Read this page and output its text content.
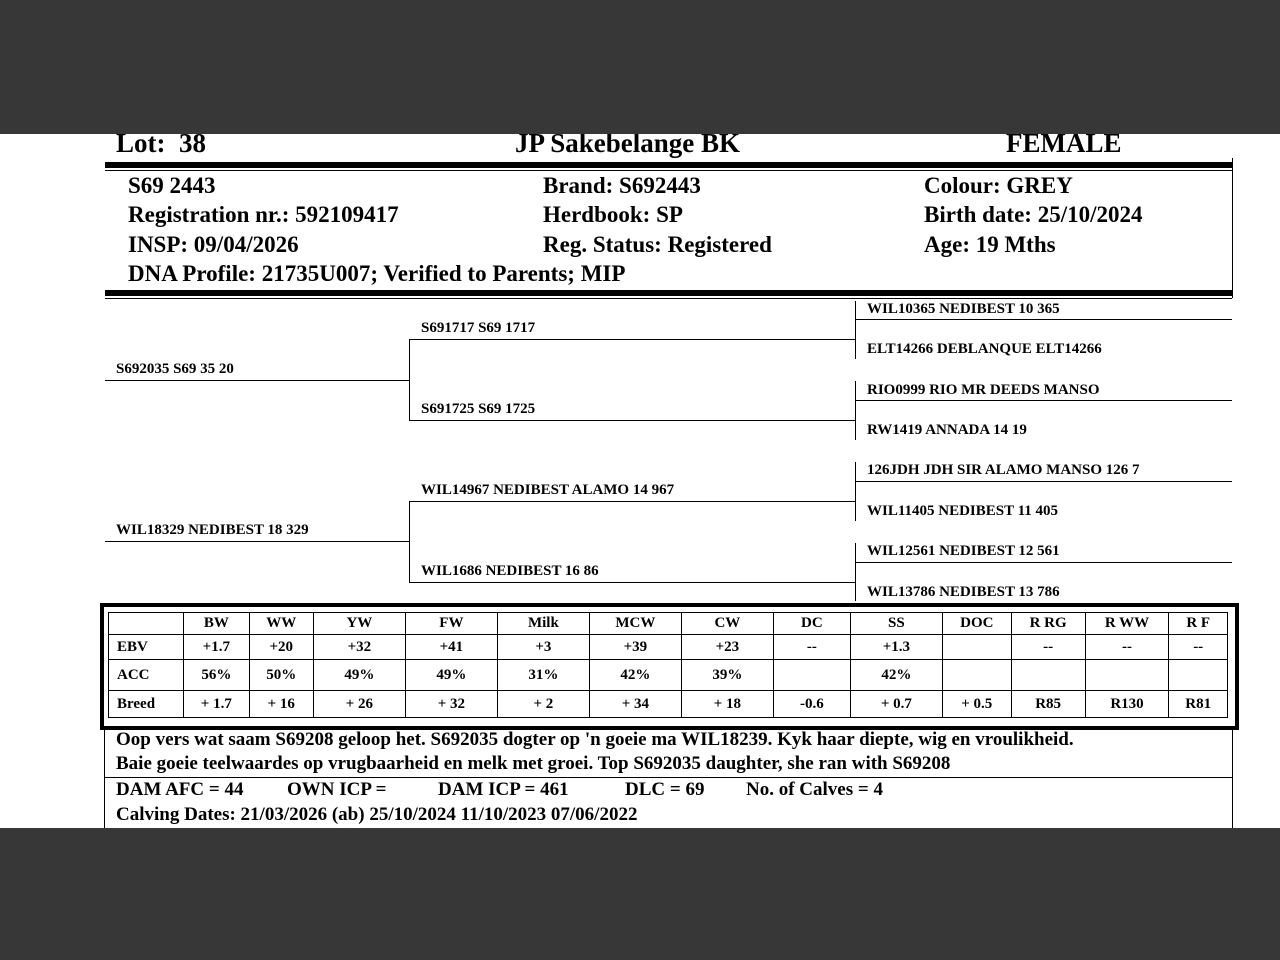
Lot: 38	JP Sakebelange BK	FEMALE
S69 2443	Brand: S692443	Colour: GREY
Registration nr.: 592109417	Herdbook: SP	Birth date: 25/10/2024
INSP: 09/04/2026	Reg. Status: Registered	Age: 19 Mths
DNA Profile: 21735U007; Verified to Parents; MIP
S692035 S69 35 20
WIL18329 NEDIBEST 18 329
S691717 S69 1717
S691725 S69 1725
WIL14967 NEDIBEST ALAMO 14 967
WIL1686 NEDIBEST 16 86
WIL10365 NEDIBEST 10 365
ELT14266 DEBLANQUE ELT14266
RIO0999 RIO MR DEEDS MANSO
RW1419 ANNADA 14 19
126JDH JDH SIR ALAMO MANSO 126 7
WIL11405 NEDIBEST 11 405
WIL12561 NEDIBEST 12 561
WIL13786 NEDIBEST 13 786
	BW	WW	YW	FW	Milk	MCW	CW	DC	SS	DOC	R RG	R WW	R F
EBV	+1.7	+20	+32	+41	+3	+39	+23	--	+1.3		--	--	--
ACC	56%	50%	49%	49%	31%	42%	39%		42%				
Breed	+ 1.7	+ 16	+ 26	+ 32	+ 2	+ 34	+ 18	-0.6	+ 0.7	+ 0.5	R85	R130	R81
Oop vers wat saam S69208 geloop het. S692035 dogter op 'n goeie ma WIL18239. Kyk haar diepte, wig en vroulikheid.
Baie goeie teelwaardes op vrugbaarheid en melk met groei. Top S692035 daughter, she ran with S69208
DAM AFC = 44 OWN ICP =	DAM ICP = 461	DLC = 69 No. of Calves = 4
Calving Dates: 21/03/2026 (ab) 25/10/2024 11/10/2023 07/06/2022
